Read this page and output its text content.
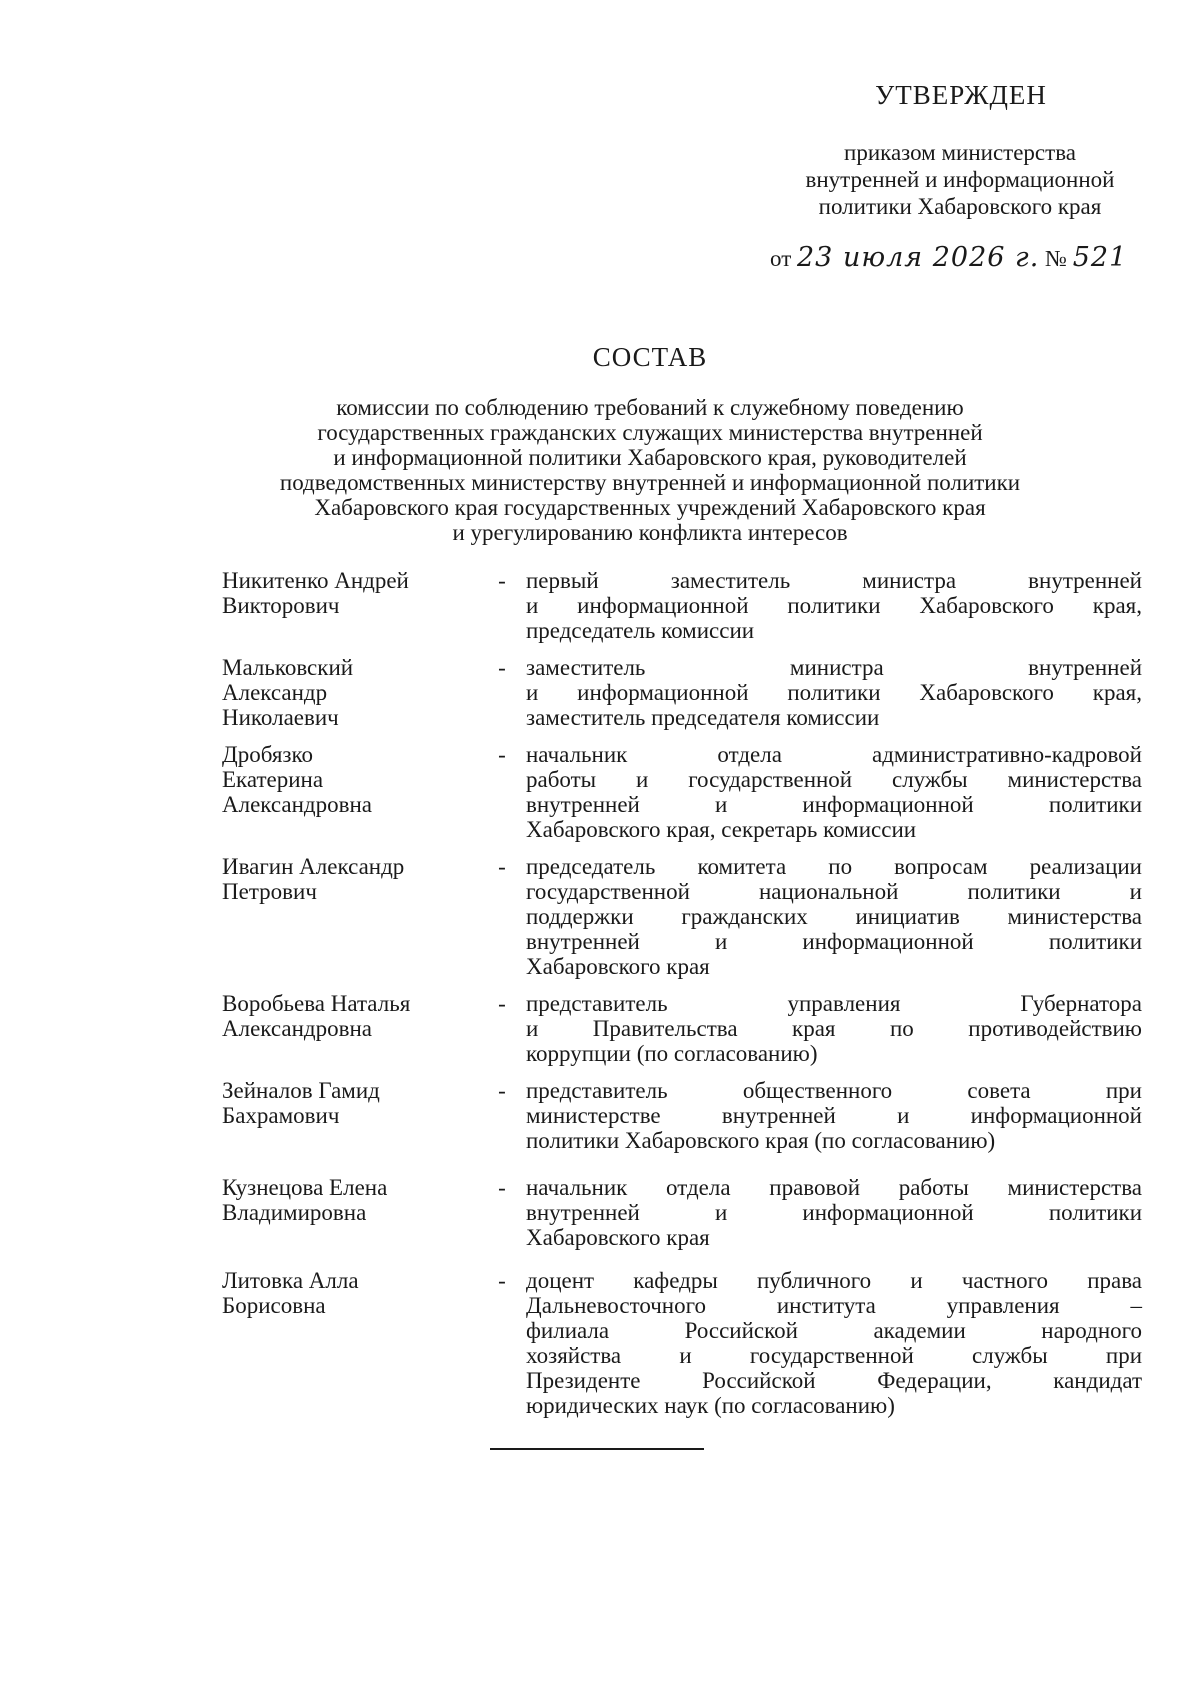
УТВЕРЖДЕН
приказом министерства
внутренней и информационной
политики Хабаровского края
от 23 июля 2026 г. № 521
СОСТАВ
комиссии по соблюдению требований к служебному поведению
государственных гражданских служащих министерства внутренней
и информационной политики Хабаровского края, руководителей
подведомственных министерству внутренней и информационной политики
Хабаровского края государственных учреждений Хабаровского края
и урегулированию конфликта интересов
Никитенко Андрей
Викторович
- первый заместитель министра внутренней
и информационной политики Хабаровского края,
председатель комиссии
Мальковский
Александр
Николаевич
- заместитель министра внутренней
и информационной политики Хабаровского края,
заместитель председателя комиссии
Дробязко
Екатерина
Александровна
- начальник отдела административно-кадровой
работы и государственной службы министерства
внутренней и информационной политики
Хабаровского края, секретарь комиссии
Ивагин Александр
Петрович
- председатель комитета по вопросам реализации
государственной национальной политики и
поддержки гражданских инициатив министерства
внутренней и информационной политики
Хабаровского края
Воробьева Наталья
Александровна
- представитель управления Губернатора
и Правительства края по противодействию
коррупции (по согласованию)
Зейналов Гамид
Бахрамович
- представитель общественного совета при
министерстве внутренней и информационной
политики Хабаровского края (по согласованию)
Кузнецова Елена
Владимировна
- начальник отдела правовой работы министерства
внутренней и информационной политики
Хабаровского края
Литовка Алла
Борисовна
- доцент кафедры публичного и частного права
Дальневосточного института управления –
филиала Российской академии народного
хозяйства и государственной службы при
Президенте Российской Федерации, кандидат
юридических наук (по согласованию)
